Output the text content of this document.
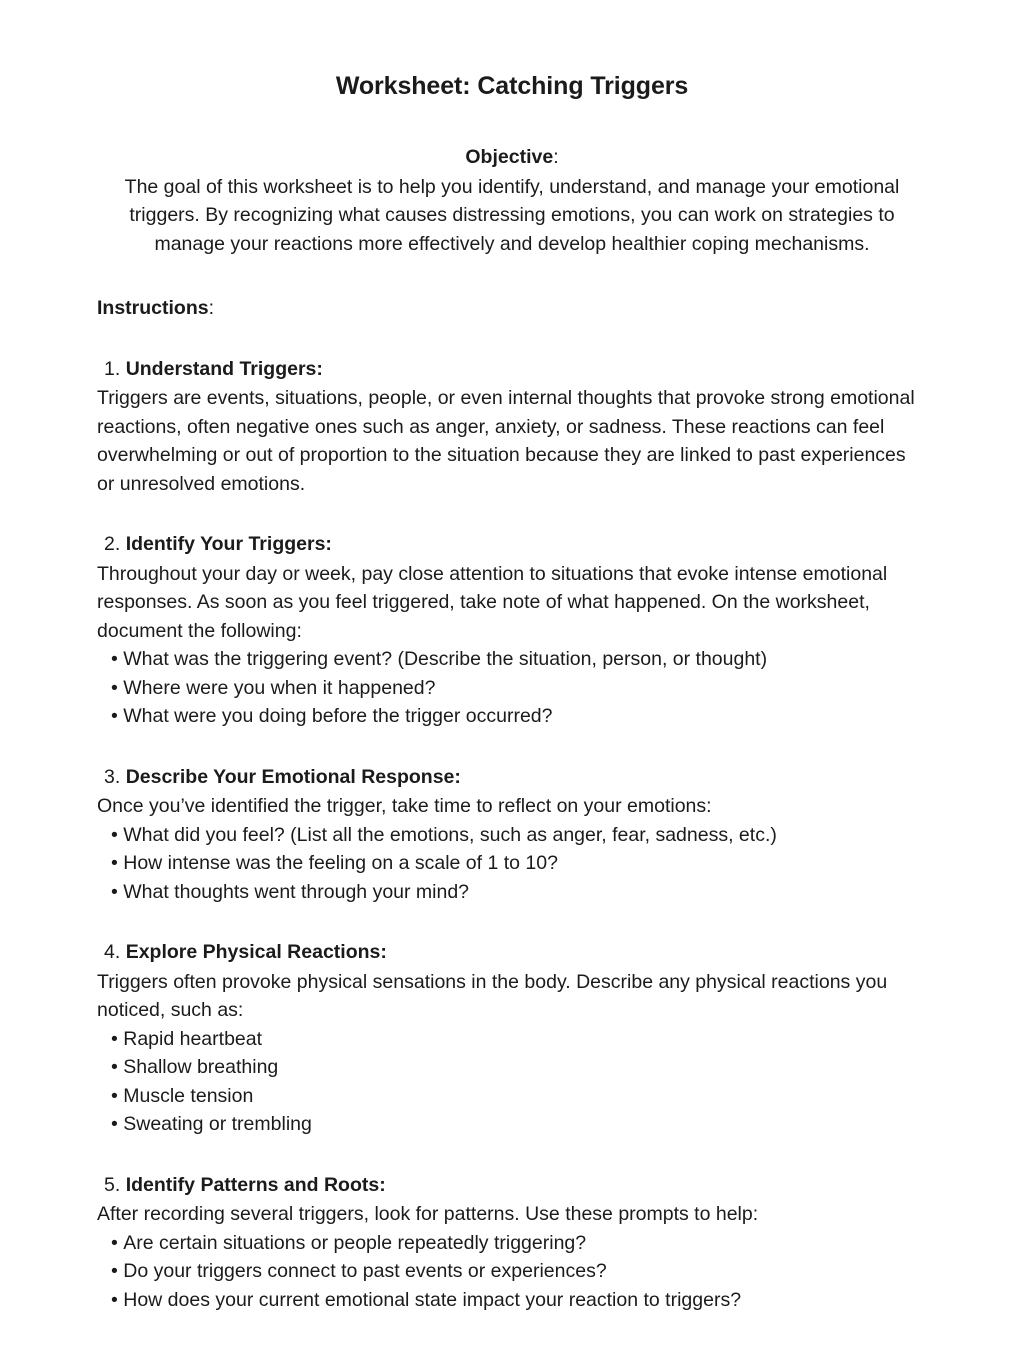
Worksheet: Catching Triggers
Objective:
The goal of this worksheet is to help you identify, understand, and manage your emotional triggers. By recognizing what causes distressing emotions, you can work on strategies to manage your reactions more effectively and develop healthier coping mechanisms.
Instructions:
1. Understand Triggers:

Triggers are events, situations, people, or even internal thoughts that provoke strong emotional reactions, often negative ones such as anger, anxiety, or sadness. These reactions can feel overwhelming or out of proportion to the situation because they are linked to past experiences or unresolved emotions.

2. Identify Your Triggers:

Throughout your day or week, pay close attention to situations that evoke intense emotional responses. As soon as you feel triggered, take note of what happened. On the worksheet, document the following:

• What was the triggering event? (Describe the situation, person, or thought)
• Where were you when it happened?
• What were you doing before the trigger occurred?
3. Describe Your Emotional Response:

Once you’ve identified the trigger, take time to reflect on your emotions:

• What did you feel? (List all the emotions, such as anger, fear, sadness, etc.)
• How intense was the feeling on a scale of 1 to 10?
• What thoughts went through your mind?
4. Explore Physical Reactions:

Triggers often provoke physical sensations in the body. Describe any physical reactions you noticed, such as:

• Rapid heartbeat
• Shallow breathing
• Muscle tension
• Sweating or trembling
5. Identify Patterns and Roots:

After recording several triggers, look for patterns. Use these prompts to help:

• Are certain situations or people repeatedly triggering?
• Do your triggers connect to past events or experiences?
• How does your current emotional state impact your reaction to triggers?
